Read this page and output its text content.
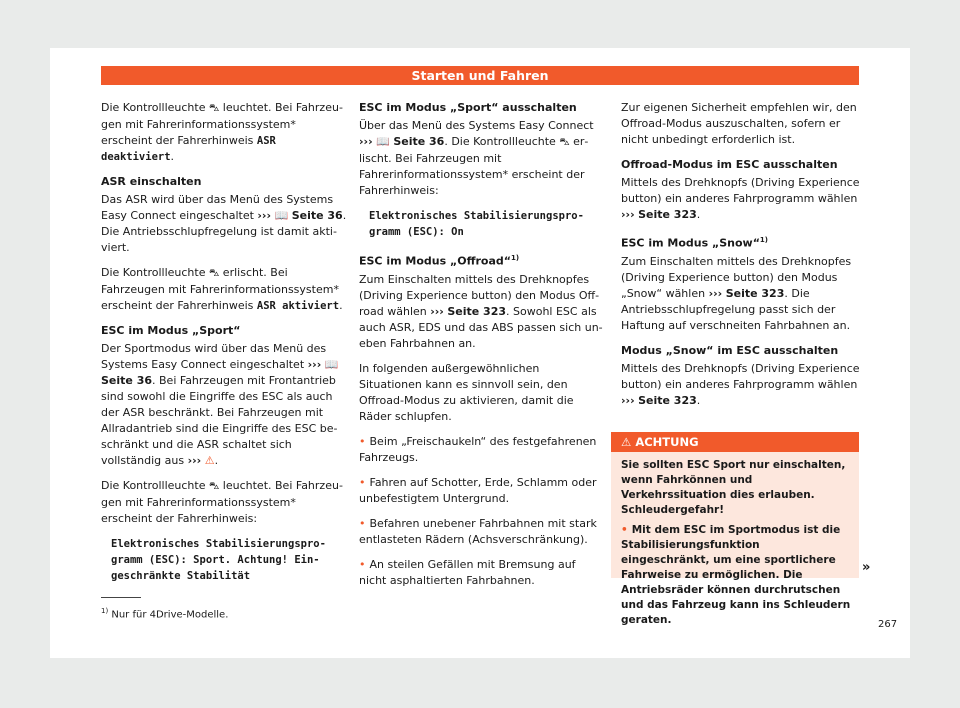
Starten und Fahren

Die Kontrollleuchte ⛍ leuchtet. Bei Fahrzeugen mit Fahrerinformationssystem* erscheint der Fahrerhinweis ASR deaktiviert.

ASR einschalten

Das ASR wird über das Menü des Systems Easy Connect eingeschaltet ››› 📖 Seite 36. Die Antriebsschlupfregelung ist damit aktiviert.

Die Kontrollleuchte ⛍ erlischt. Bei Fahrzeugen mit Fahrerinformationssystem* erscheint der Fahrerhinweis ASR aktiviert.

ESC im Modus „Sport“

Der Sportmodus wird über das Menü des Systems Easy Connect eingeschaltet ››› 📖 Seite 36. Bei Fahrzeugen mit Frontantrieb sind sowohl die Eingriffe des ESC als auch der ASR beschränkt. Bei Fahrzeugen mit Allradantrieb sind die Eingriffe des ESC beschränkt und die ASR schaltet sich vollständig aus ››› ⚠.

Die Kontrollleuchte ⛍ leuchtet. Bei Fahrzeugen mit Fahrerinformationssystem* erscheint der Fahrerhinweis:

Elektronisches Stabilisierungsprogramm (ESC): Sport. Achtung! Eingeschränkte Stabilität

ESC im Modus „Sport“ ausschalten

Über das Menü des Systems Easy Connect ››› 📖 Seite 36. Die Kontrollleuchte ⛍ erlischt. Bei Fahrzeugen mit Fahrerinformationssystem* erscheint der Fahrerhinweis:

Elektronisches Stabilisierungsprogramm (ESC): On

ESC im Modus „Offroad“$^{1)}$

Zum Einschalten mittels des Drehknopfes (Driving Experience button) den Modus Offroad wählen ››› Seite 323. Sowohl ESC als auch ASR, EDS und das ABS passen sich uneben Fahrbahnen an.

In folgenden außergewöhnlichen Situationen kann es sinnvoll sein, den Offroad-Modus zu aktivieren, damit die Räder schlupfen.

• Beim „Freischaukeln“ des festgefahrenen Fahrzeugs.

• Fahren auf Schotter, Erde, Schlamm oder unbefestigtem Untergrund.

• Befahren unebener Fahrbahnen mit stark entlasteten Rädern (Achsverschränkung).

• An steilen Gefällen mit Bremsung auf nicht asphaltierten Fahrbahnen.

Zur eigenen Sicherheit empfehlen wir, den Offroad-Modus auszuschalten, sofern er nicht unbedingt erforderlich ist.

Offroad-Modus im ESC ausschalten

Mittels des Drehknopfs (Driving Experience button) ein anderes Fahrprogramm wählen
››› Seite 323.

ESC im Modus „Snow“$^{1)}$

Zum Einschalten mittels des Drehknopfes (Driving Experience button) den Modus „Snow“ wählen ››› Seite 323. Die Antriebsschlupfregelung passt sich der Haftung auf verschneiten Fahrbahnen an.

Modus „Snow“ im ESC ausschalten

Mittels des Drehknopfs (Driving Experience button) ein anderes Fahrprogramm wählen
››› Seite 323.

⚠ ACHTUNG

Sie sollten ESC Sport nur einschalten, wenn Fahrkönnen und Verkehrssituation dies erlauben. Schleudergefahr!

• Mit dem ESC im Sportmodus ist die Stabilisierungsfunktion eingeschränkt, um eine sportlichere Fahrweise zu ermöglichen. Die Antriebsräder können durchrutschen und das Fahrzeug kann ins Schleudern geraten.

»
$^{1)}$ Nur für 4Drive-Modelle.
267
